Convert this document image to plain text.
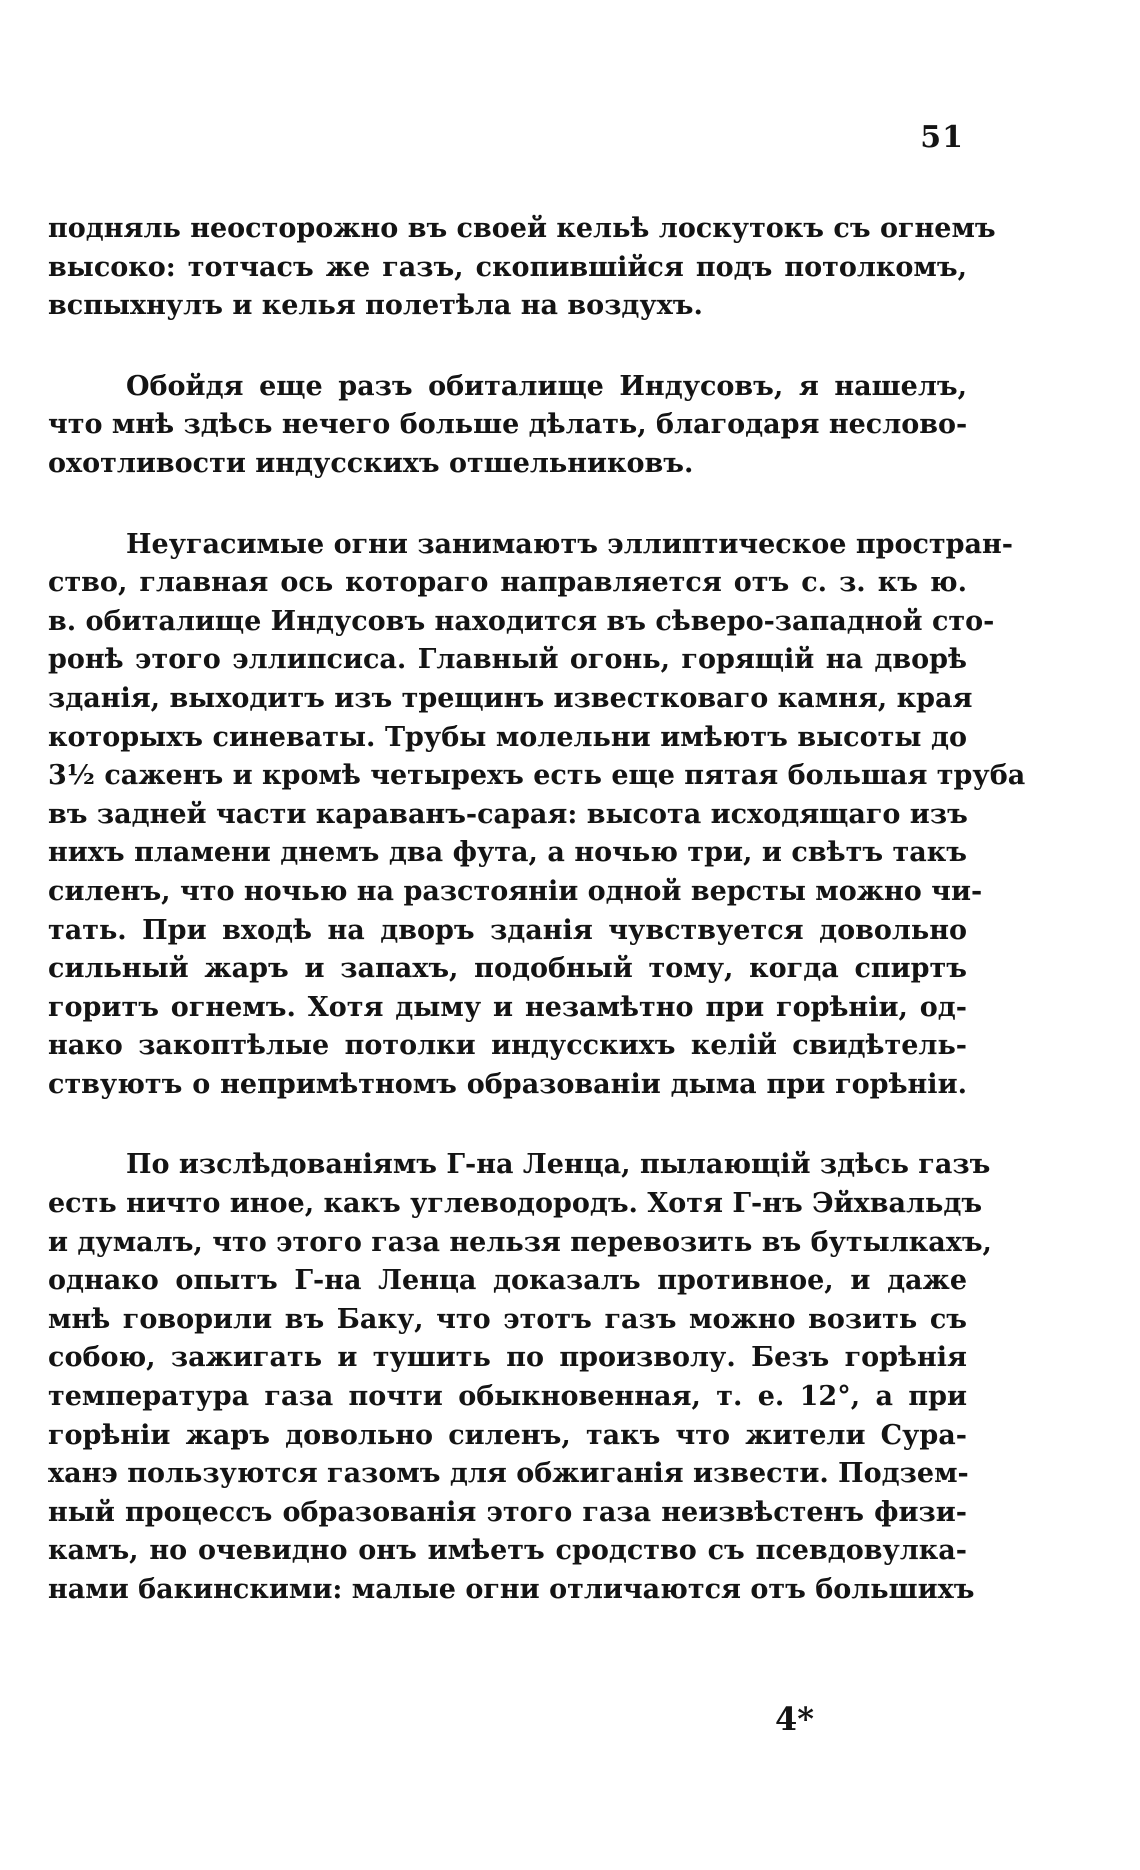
51

подняль неосторожно въ своей кельѣ лоскутокъ съ огнемъ
высоко: тотчасъ же газъ, скопившійся подъ потолкомъ,
вспыхнулъ и келья полетѣла на воздухъ.

Обойдя еще разъ обиталище Индусовъ, я нашелъ,
что мнѣ здѣсь нечего больше дѣлать, благодаря неслово-
охотливости индусскихъ отшельниковъ.

Неугасимые огни занимаютъ эллиптическое простран-
ство, главная ось котораго направляется отъ с. з. къ ю.
в. обиталище Индусовъ находится въ сѣверо-западной сто-
ронѣ этого эллипсиса. Главный огонь, горящій на дворѣ
зданія, выходитъ изъ трещинъ известковаго камня, края
которыхъ синеваты. Трубы молельни имѣютъ высоты до
3½ саженъ и кромѣ четырехъ есть еще пятая большая труба
въ задней части караванъ-сарая: высота исходящаго изъ
нихъ пламени днемъ два фута, а ночью три, и свѣтъ такъ
силенъ, что ночью на разстояніи одной версты можно чи-
тать. При входѣ на дворъ зданія чувствуется довольно
сильный жаръ и запахъ, подобный тому, когда спиртъ
горитъ огнемъ. Хотя дыму и незамѣтно при горѣніи, од-
нако закоптѣлые потолки индусскихъ келій свидѣтель-
ствуютъ о непримѣтномъ образованіи дыма при горѣніи.

По изслѣдованіямъ Г-на Ленца, пылающій здѣсь газъ
есть ничто иное, какъ углеводородъ. Хотя Г-нъ Эйхвальдъ
и думалъ, что этого газа нельзя перевозить въ бутылкахъ,
однако опытъ Г-на Ленца доказалъ противное, и даже
мнѣ говорили въ Баку, что этотъ газъ можно возить съ
собою, зажигать и тушить по произволу. Безъ горѣнія
температура газа почти обыкновенная, т. е. 12°, а при
горѣніи жаръ довольно силенъ, такъ что жители Сура-
ханэ пользуются газомъ для обжиганія извести. Подзем-
ный процессъ образованія этого газа неизвѣстенъ физи-
камъ, но очевидно онъ имѣетъ сродство съ псевдовулка-
нами бакинскими: малые огни отличаются отъ большихъ

4*
